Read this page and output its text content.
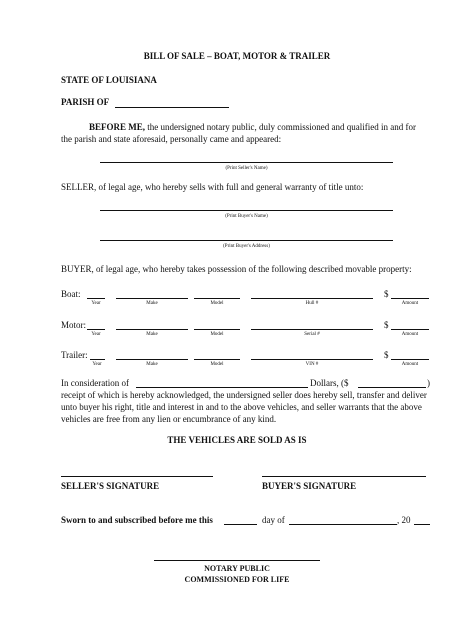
BILL OF SALE – BOAT, MOTOR & TRAILER
STATE OF LOUISIANA
PARISH OF
BEFORE ME, the undersigned notary public, duly commissioned and qualified in and for
the parish and state aforesaid, personally came and appeared:
(Print Seller's Name)
SELLER, of legal age, who hereby sells with full and general warranty of title unto:
(Print Buyer's Name)
(Print Buyer's Address)
BUYER, of legal age, who hereby takes possession of the following described movable property:
Boat:	$
Year	Make	Model	Hull #	Amount
Motor:	$
Year	Make	Model	Serial #	Amount
Trailer:	$
Year	Make	Model	VIN #	Amount
In consideration of	Dollars, ($	)
receipt of which is hereby acknowledged, the undersigned seller does hereby sell, transfer and deliver
unto buyer his right, title and interest in and to the above vehicles, and seller warrants that the above
vehicles are free from any lien or encumbrance of any kind.
THE VEHICLES ARE SOLD AS IS
SELLER'S SIGNATURE	BUYER'S SIGNATURE
Sworn to and subscribed before me this	day of	, 20
NOTARY PUBLIC
COMMISSIONED FOR LIFE
